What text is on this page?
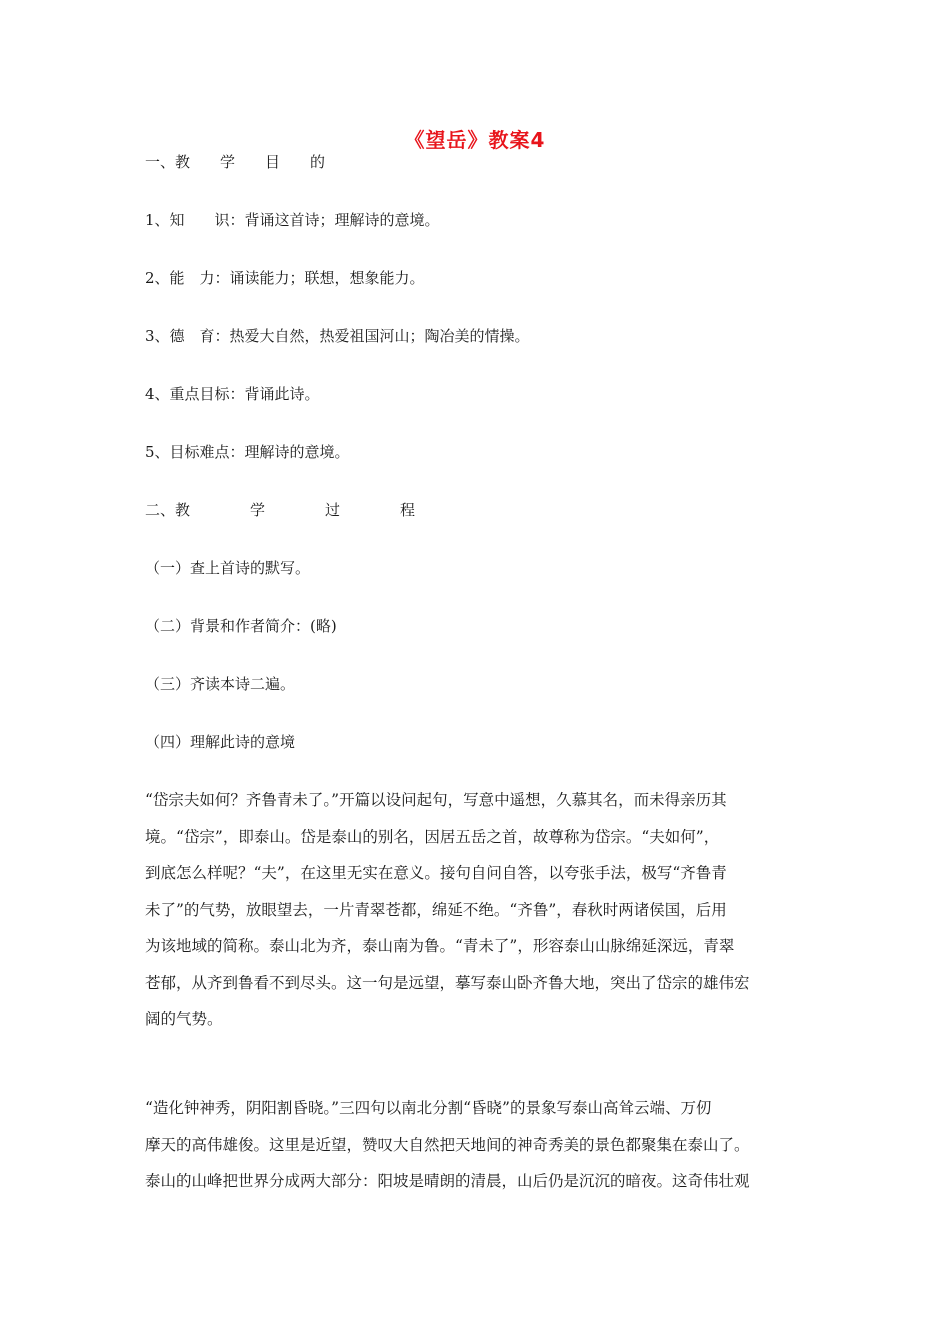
《望岳》教案4
一、教　　学　　目　　的
1、知　　识：背诵这首诗；理解诗的意境。
2、能　力：诵读能力；联想，想象能力。
3、德　育：热爱大自然，热爱祖国河山；陶冶美的情操。
4、重点目标：背诵此诗。
5、目标难点：理解诗的意境。
二、教　　　　学　　　　过　　　　程
（一）查上首诗的默写。
（二）背景和作者简介：(略)
（三）齐读本诗二遍。
（四）理解此诗的意境
“岱宗夫如何？齐鲁青未了。”开篇以设问起句，写意中遥想，久慕其名，而未得亲历其
境。“岱宗”，即泰山。岱是泰山的别名，因居五岳之首，故尊称为岱宗。“夫如何”，
到底怎么样呢？“夫”，在这里无实在意义。接句自问自答，以夸张手法，极写“齐鲁青
未了”的气势，放眼望去，一片青翠苍都，绵延不绝。“齐鲁”，春秋时两诸侯国，后用
为该地域的简称。泰山北为齐，泰山南为鲁。“青未了”，形容泰山山脉绵延深远，青翠
苍郁，从齐到鲁看不到尽头。这一句是远望，摹写泰山卧齐鲁大地，突出了岱宗的雄伟宏
阔的气势。
“造化钟神秀，阴阳割昏晓。”三四句以南北分割“昏晓”的景象写泰山高耸云端、万仞
摩天的高伟雄俊。这里是近望，赞叹大自然把天地间的神奇秀美的景色都聚集在泰山了。
泰山的山峰把世界分成两大部分：阳坡是晴朗的清晨，山后仍是沉沉的暗夜。这奇伟壮观
